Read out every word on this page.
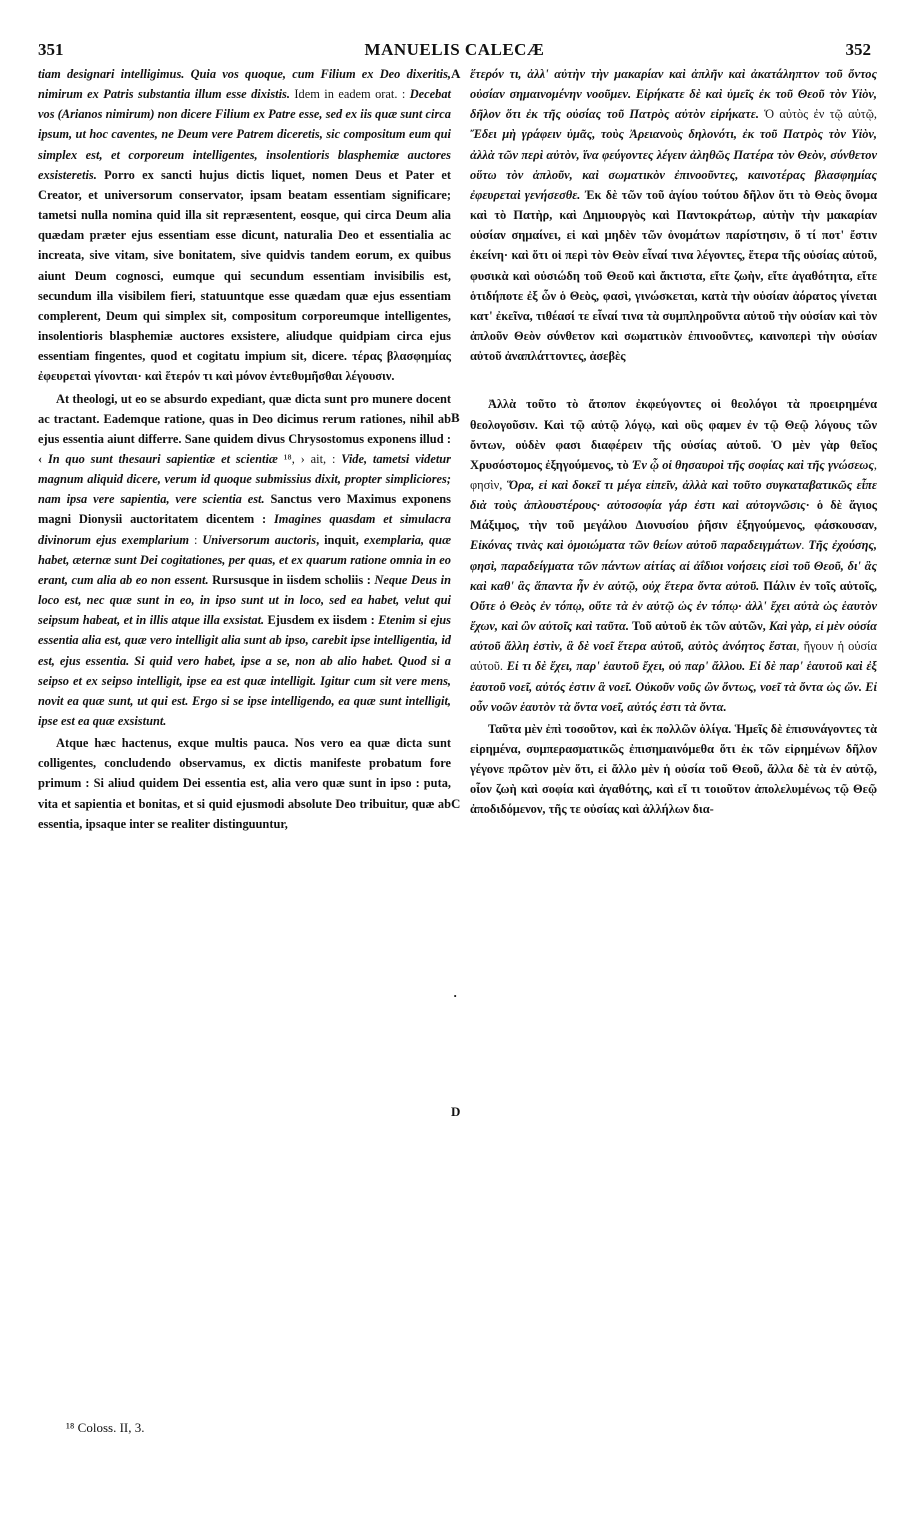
351	MANUELIS CALECÆ	352

tiam designari intelligimus. Quia vos quoque, cum Filium ex Deo dixeritis, nimirum ex Patris substantia illum esse dixistis. Idem in eadem orat. : Decebat vos (Arianos nimirum) non dicere Filium ex Patre esse, sed ex iis quæ sunt circa ipsum, ut hoc caventes, ne Deum vere Patrem diceretis, sic compositum eum qui simplex est, et corporeum intelligentes, insolentioris blasphemiæ auctores exsisteretis. Porro ex sancti hujus dictis liquet, nomen Deus et Pater et Creator, et universorum conservator, ipsam beatam essentiam significare; tametsi nulla nomina quid illa sit repræsentent, eosque, qui circa Deum alia quædam præter ejus essentiam esse dicunt, naturalia Deo et essentialia ac increata, sive vitam, sive bonitatem, sive quidvis tandem eorum, ex quibus aiunt Deum cognosci, eumque qui secundum essentiam invisibilis est, secundum illa visibilem fieri, statuuntque esse quædam quæ ejus essentiam complerent, Deum qui simplex sit, compositum corporeumque intelligentes, insolentioris blasphemiæ auctores exsistere, aliudque quidpiam circa ejus essentiam fingentes, quod et cogitatu impium sit, dicere. τέρας βλασφημίας ἐφευρεταὶ γίνονται· καὶ ἕτερόν τι καὶ μόνον ἐντεθυμῆσθαι λέγουσιν.

At theologi, ut eo se absurdo expediant, quæ dicta sunt pro munere docent ac tractant. Eademque ratione, quas in Deo dicimus rerum rationes, nihil ab ejus essentia aiunt differre. Sane quidem divus Chrysostomus exponens illud : ‹ In quo sunt thesauri sapientiæ et scientiæ ¹⁸, › ait, : Vide, tametsi videtur magnum aliquid dicere, verum id quoque submissius dixit, propter simpliciores; nam ipsa vere sapientia, vere scientia est. Sanctus vero Maximus exponens magni Dionysii auctoritatem dicentem : Imagines quasdam et simulacra divinorum ejus exemplarium : Universorum auctoris, inquit, exemplaria, quæ habet, æternæ sunt Dei cogitationes, per quas, et ex quarum ratione omnia in eo erant, cum alia ab eo non essent. Rursusque in iisdem scholiis : Neque Deus in loco est, nec quæ sunt in eo, in ipso sunt ut in loco, sed ea habet, velut qui seipsum habeat, et in illis atque illa exsistat. Ejusdem ex iisdem : Etenim si ejus essentia alia est, quæ vero intelligit alia sunt ab ipso, carebit ipse intelligentia, id est, ejus essentia. Si quid vero habet, ipse a se, non ab alio habet. Quod si a seipso et ex seipso intelligit, ipse ea est quæ intelligit. Igitur cum sit vere mens, novit ea quæ sunt, ut qui est. Ergo si se ipse intelligendo, ea quæ sunt intelligit, ipse est ea quæ exsistunt.

Atque hæc hactenus, exque multis pauca. Nos vero ea quæ dicta sunt colligentes, concludendo observamus, ex dictis manifeste probatum fore primum : Si aliud quidem Dei essentia est, alia vero quæ sunt in ipso : puta, vita et sapientia et bonitas, et si quid ejusmodi absolute Deo tribuitur, quæ ab essentia, ipsaque inter se realiter distinguuntur,

ἕτερόν τι, ἀλλ' αὐτὴν τὴν μακαρίαν καὶ ἀπλῆν καὶ ἀκατάληπτον τοῦ ὄντος οὐσίαν σημαινομένην νοοῦμεν. Εἰρήκατε δὲ καὶ ὑμεῖς ἐκ τοῦ Θεοῦ τὸν Υἱὸν, δῆλον ὅτι ἐκ τῆς οὐσίας τοῦ Πατρὸς αὐτὸν εἰρήκατε. Ὁ αὐτὸς ἐν τῷ αὐτῷ, Ἔδει μὴ γράφειν ὑμᾶς, τοὺς Ἀρειανοὺς δηλονότι, ἐκ τοῦ Πατρὸς τὸν Υἱὸν, ἀλλὰ τῶν περὶ αὐτὸν, ἵνα φεύγοντες λέγειν ἀληθῶς Πατέρα τὸν Θεὸν, σύνθετον οὕτω τὸν ἁπλοῦν, καὶ σωματικὸν ἐπινοοῦντες, καινοτέρας βλασφημίας ἐφευρεταὶ γενήσεσθε. Ἐκ δὲ τῶν τοῦ ἁγίου τούτου δῆλον ὅτι τὸ Θεὸς ὄνομα καὶ τὸ Πατὴρ, καὶ Δημιουργὸς καὶ Παντοκράτωρ, αὐτὴν τὴν μακαρίαν οὐσίαν σημαίνει, εἰ καὶ μηδὲν τῶν ὀνομάτων παρίστησιν, ὅ τί ποτ' ἔστιν ἐκείνη· καὶ ὅτι οἱ περὶ τὸν Θεὸν εἶναί τινα λέγοντες, ἕτερα τῆς οὐσίας αὐτοῦ, φυσικὰ καὶ οὐσιώδη τοῦ Θεοῦ καὶ ἄκτιστα, εἴτε ζωὴν, εἴτε ἀγαθότητα, εἴτε ὁτιδήποτε ἐξ ὧν ὁ Θεὸς, φασὶ, γινώσκεται, κατὰ τὴν οὐσίαν ἀόρατος γίνεται κατ' ἐκεῖνα, τιθέασί τε εἶναί τινα τὰ συμπληροῦντα αὐτοῦ τὴν οὐσίαν καὶ τὸν ἁπλοῦν Θεὸν σύνθετον καὶ σωματικὸν ἐπινοοῦντες, καινοπερὶ τὴν οὐσίαν αὐτοῦ ἀναπλάττοντες, ἀσεβὲς

Ἀλλὰ τοῦτο τὸ ἄτοπον ἐκφεύγοντες οἱ θεολόγοι τὰ προειρημένα θεολογοῦσιν. Καὶ τῷ αὐτῷ λόγῳ, καὶ οὓς φαμεν ἐν τῷ Θεῷ λόγους τῶν ὄντων, οὐδὲν φασι διαφέρειν τῆς οὐσίας αὐτοῦ. Ὁ μὲν γὰρ θεῖος Χρυσόστομος ἐξηγούμενος, τὸ Ἐν ᾧ οἱ θησαυροὶ τῆς σοφίας καὶ τῆς γνώσεως, φησὶν, Ὅρα, εἰ καὶ δοκεῖ τι μέγα εἰπεῖν, ἀλλὰ καὶ τοῦτο συγκαταβατικῶς εἶπε διὰ τοὺς ἁπλουστέρους· αὐτοσοφία γάρ ἐστι καὶ αὐτογνῶσις· ὁ δὲ ἅγιος Μάξιμος, τὴν τοῦ μεγάλου Διονυσίου ῥῆσιν ἐξηγούμενος, φάσκουσαν, Εἰκόνας τινὰς καὶ ὁμοιώματα τῶν θείων αὐτοῦ παραδειγμάτων. Τῆς ἐχούσης, φησὶ, παραδείγματα τῶν πάντων αἰτίας αἱ ἀΐδιοι νοήσεις εἰσὶ τοῦ Θεοῦ, δι' ἃς καὶ καθ' ἃς ἅπαντα ἦν ἐν αὐτῷ, οὐχ ἕτερα ὄντα αὐτοῦ. Πάλιν ἐν τοῖς αὐτοῖς, Οὔτε ὁ Θεὸς ἐν τόπῳ, οὔτε τὰ ἐν αὐτῷ ὡς ἐν τόπῳ· ἀλλ' ἔχει αὐτὰ ὡς ἑαυτὸν ἔχων, καὶ ὢν αὐτοῖς καὶ ταῦτα. Τοῦ αὐτοῦ ἐκ τῶν αὐτῶν, Καὶ γὰρ, εἰ μὲν οὐσία αὐτοῦ ἄλλη ἐστὶν, ἃ δὲ νοεῖ ἕτερα αὐτοῦ, αὐτὸς ἀνόητος ἔσται, ἤγουν ἡ οὐσία αὐτοῦ. Εἰ τι δὲ ἔχει, παρ' ἑαυτοῦ ἔχει, οὐ παρ' ἄλλου. Εἰ δὲ παρ' ἑαυτοῦ καὶ ἐξ ἑαυτοῦ νοεῖ, αὐτός ἐστιν ἃ νοεῖ. Οὐκοῦν νοῦς ὢν ὄντως, νοεῖ τὰ ὄντα ὡς ὤν. Εἰ οὖν νοῶν ἑαυτὸν τὰ ὄντα νοεῖ, αὐτός ἐστι τὰ ὄντα.

Ταῦτα μὲν ἐπὶ τοσοῦτον, καὶ ἐκ πολλῶν ὀλίγα. Ἡμεῖς δὲ ἐπισυνάγοντες τὰ εἰρημένα, συμπερασματικῶς ἐπισημαινόμεθα ὅτι ἐκ τῶν εἰρημένων δῆλον γέγονε πρῶτον μὲν ὅτι, εἰ ἄλλο μὲν ἡ οὐσία τοῦ Θεοῦ, ἄλλα δὲ τὰ ἐν αὐτῷ, οἷον ζωὴ καὶ σοφία καὶ ἀγαθότης, καὶ εἴ τι τοιοῦτον ἀπολελυμένως τῷ Θεῷ ἀποδιδόμενον, τῆς τε οὐσίας καὶ ἀλλήλων δια-

A
B
C
·
D
¹⁸ Coloss. II, 3.
